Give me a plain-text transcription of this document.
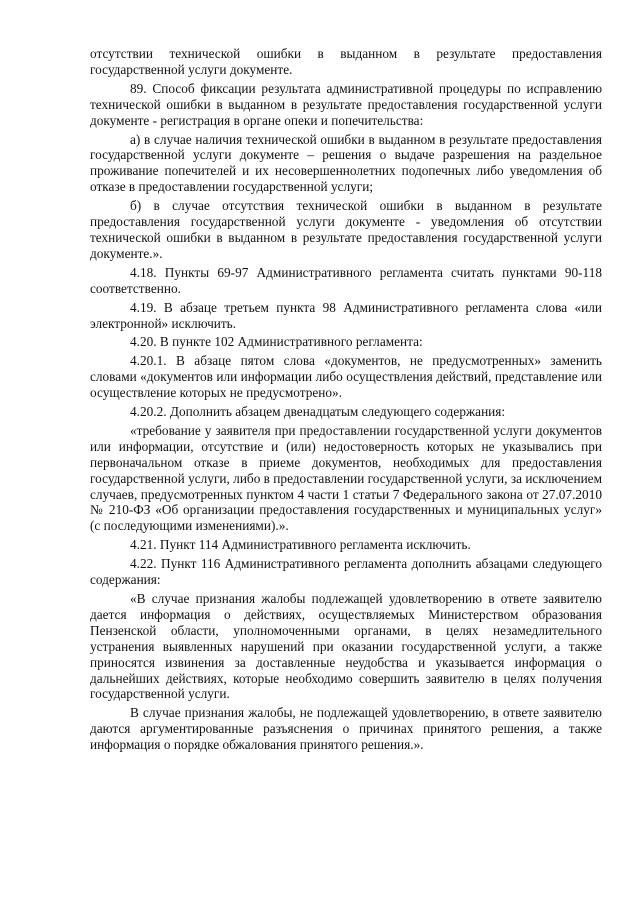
отсутствии технической ошибки в выданном в результате предоставления государственной услуги документе.

89. Способ фиксации результата административной процедуры по исправлению технической ошибки в выданном в результате предоставления государственной услуги документе - регистрация в органе опеки и попечительства:

а) в случае наличия технической ошибки в выданном в результате предоставления государственной услуги документе – решения о выдаче разрешения на раздельное проживание попечителей и их несовершеннолетних подопечных либо уведомления об отказе в предоставлении государственной услуги;

б) в случае отсутствия технической ошибки в выданном в результате предоставления государственной услуги документе - уведомления об отсутствии технической ошибки в выданном в результате предоставления государственной услуги документе.».

4.18. Пункты 69-97 Административного регламента считать пунктами 90-118 соответственно.

4.19. В абзаце третьем пункта 98 Административного регламента слова «или электронной» исключить.

4.20. В пункте 102 Административного регламента:

4.20.1. В абзаце пятом слова «документов, не предусмотренных» заменить словами «документов или информации либо осуществления действий, представление или осуществление которых не предусмотрено».

4.20.2. Дополнить абзацем двенадцатым следующего содержания:

«требование у заявителя при предоставлении государственной услуги документов или информации, отсутствие и (или) недостоверность которых не указывались при первоначальном отказе в приеме документов, необходимых для предоставления государственной услуги, либо в предоставлении государственной услуги, за исключением случаев, предусмотренных пунктом 4 части 1 статьи 7 Федерального закона от 27.07.2010 № 210-ФЗ «Об организации предоставления государственных и муниципальных услуг» (с последующими изменениями).».

4.21. Пункт 114 Административного регламента исключить.

4.22. Пункт 116 Административного регламента дополнить абзацами следующего содержания:

«В случае признания жалобы подлежащей удовлетворению в ответе заявителю дается информация о действиях, осуществляемых Министерством образования Пензенской области, уполномоченными органами, в целях незамедлительного устранения выявленных нарушений при оказании государственной услуги, а также приносятся извинения за доставленные неудобства и указывается информация о дальнейших действиях, которые необходимо совершить заявителю в целях получения государственной услуги.

В случае признания жалобы, не подлежащей удовлетворению, в ответе заявителю даются аргументированные разъяснения о причинах принятого решения, а также информация о порядке обжалования принятого решения.».
